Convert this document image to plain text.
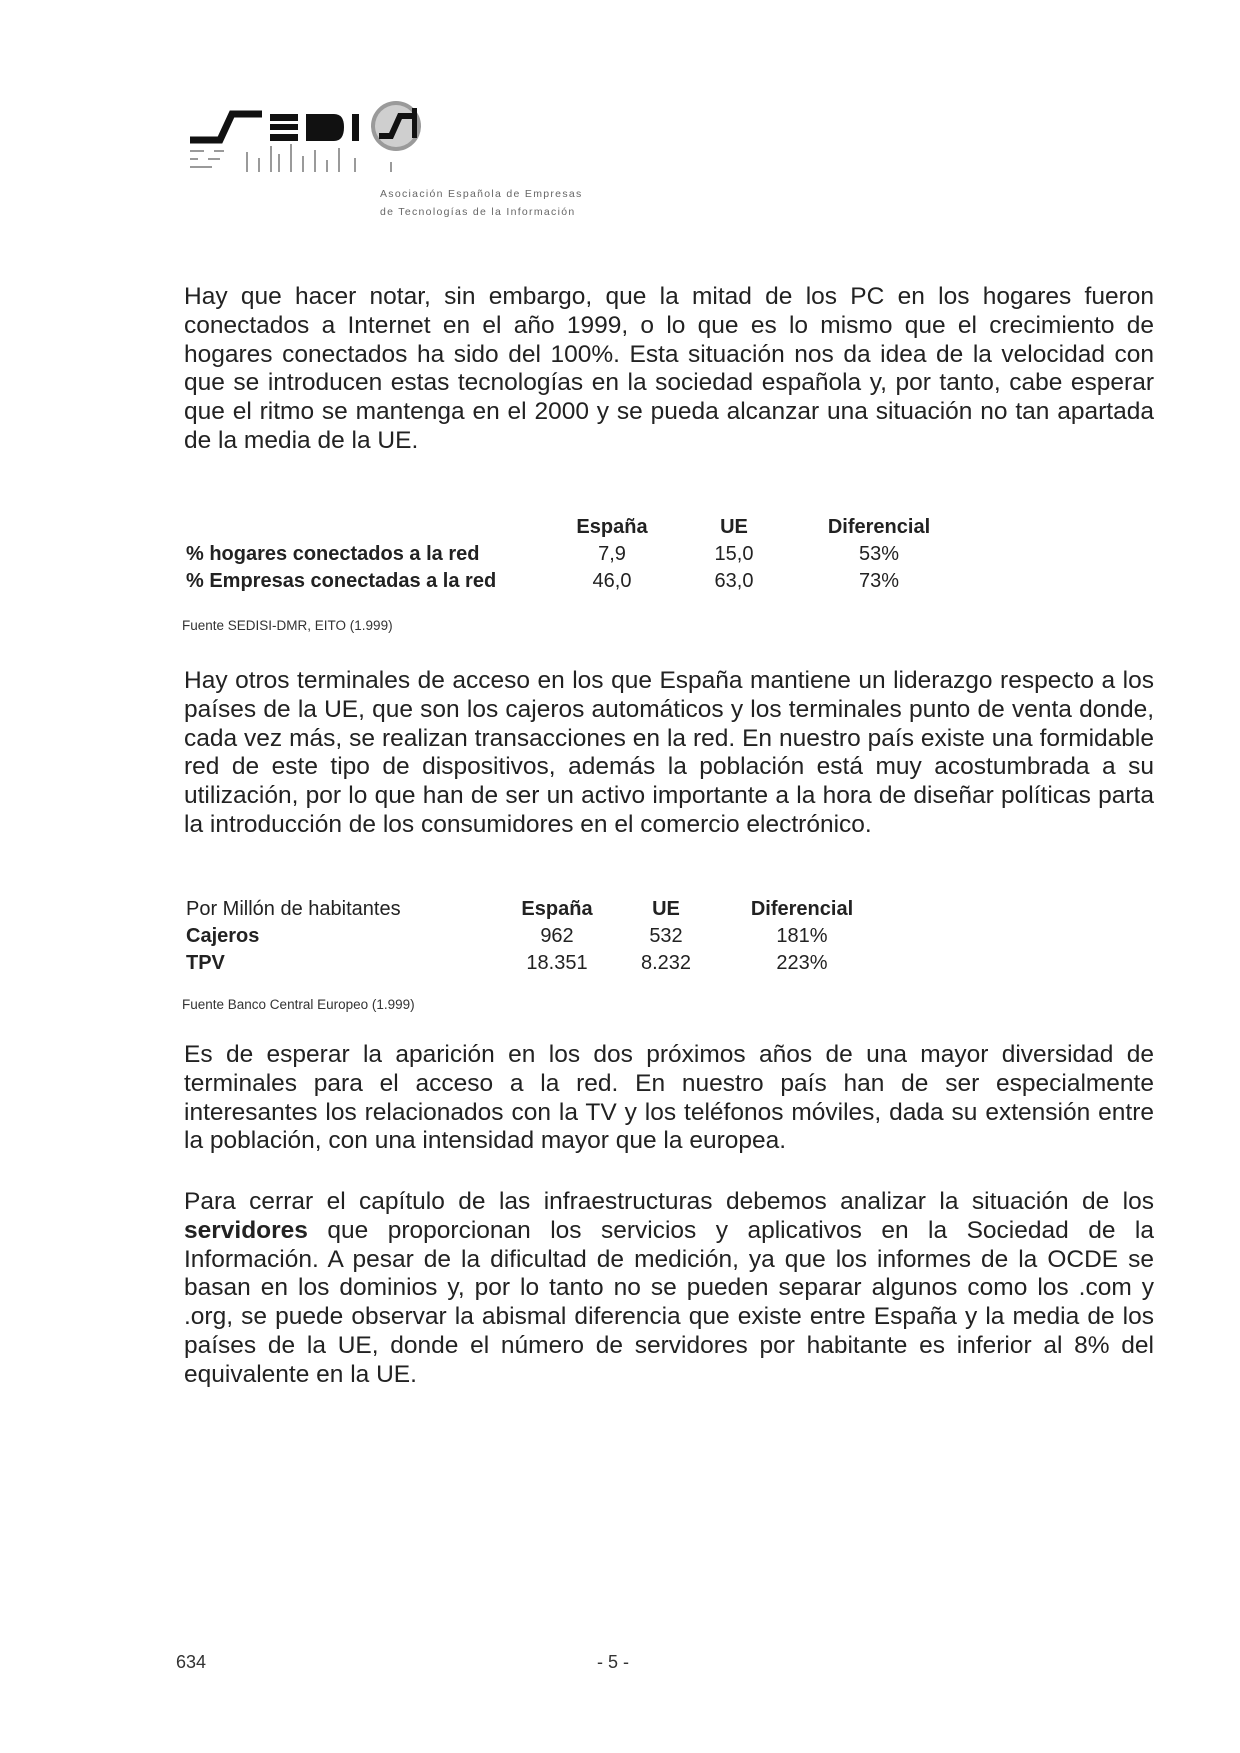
Asociación Española de Empresas
de Tecnologías de la Información

Hay que hacer notar, sin embargo, que la mitad de los PC en los hogares fueron conectados a Internet en el año 1999, o lo que es lo mismo que el crecimiento de hogares conectados ha sido del 100%. Esta situación nos da idea de la velocidad con que se introducen estas tecnologías en la sociedad española y, por tanto, cabe esperar que el ritmo se mantenga en el 2000 y se pueda alcanzar una situación no tan apartada de la media de la UE.

	España	UE	Diferencial
% hogares conectados a la red	7,9	15,0	53%
% Empresas conectadas a la red	46,0	63,0	73%
Fuente SEDISI-DMR, EITO (1.999)

Hay otros terminales de acceso en los que España mantiene un liderazgo respecto a los países de la UE, que son los cajeros automáticos y los terminales punto de venta donde, cada vez más, se realizan transacciones en la red. En nuestro país existe una formidable red de este tipo de dispositivos, además la población está muy acostumbrada a su utilización, por lo que han de ser un activo importante a la hora de diseñar políticas parta la introducción de los consumidores en el comercio electrónico.

Por Millón de habitantes	España	UE	Diferencial
Cajeros	962	532	181%
TPV	18.351	8.232	223%
Fuente Banco Central Europeo (1.999)

Es de esperar la aparición en los dos próximos años de una mayor diversidad de terminales para el acceso a la red. En nuestro país han de ser especialmente interesantes los relacionados con la TV y los teléfonos móviles, dada su extensión entre la población, con una intensidad mayor que la europea.

Para cerrar el capítulo de las infraestructuras debemos analizar la situación de los servidores que proporcionan los servicios y aplicativos en la Sociedad de la Información. A pesar de la dificultad de medición, ya que los informes de la OCDE se basan en los dominios y, por lo tanto no se pueden separar algunos como los .com y .org, se puede observar la abismal diferencia que existe entre España y la media de los países de la UE, donde el número de servidores por habitante es inferior al 8% del equivalente en la UE.

634	- 5 -
